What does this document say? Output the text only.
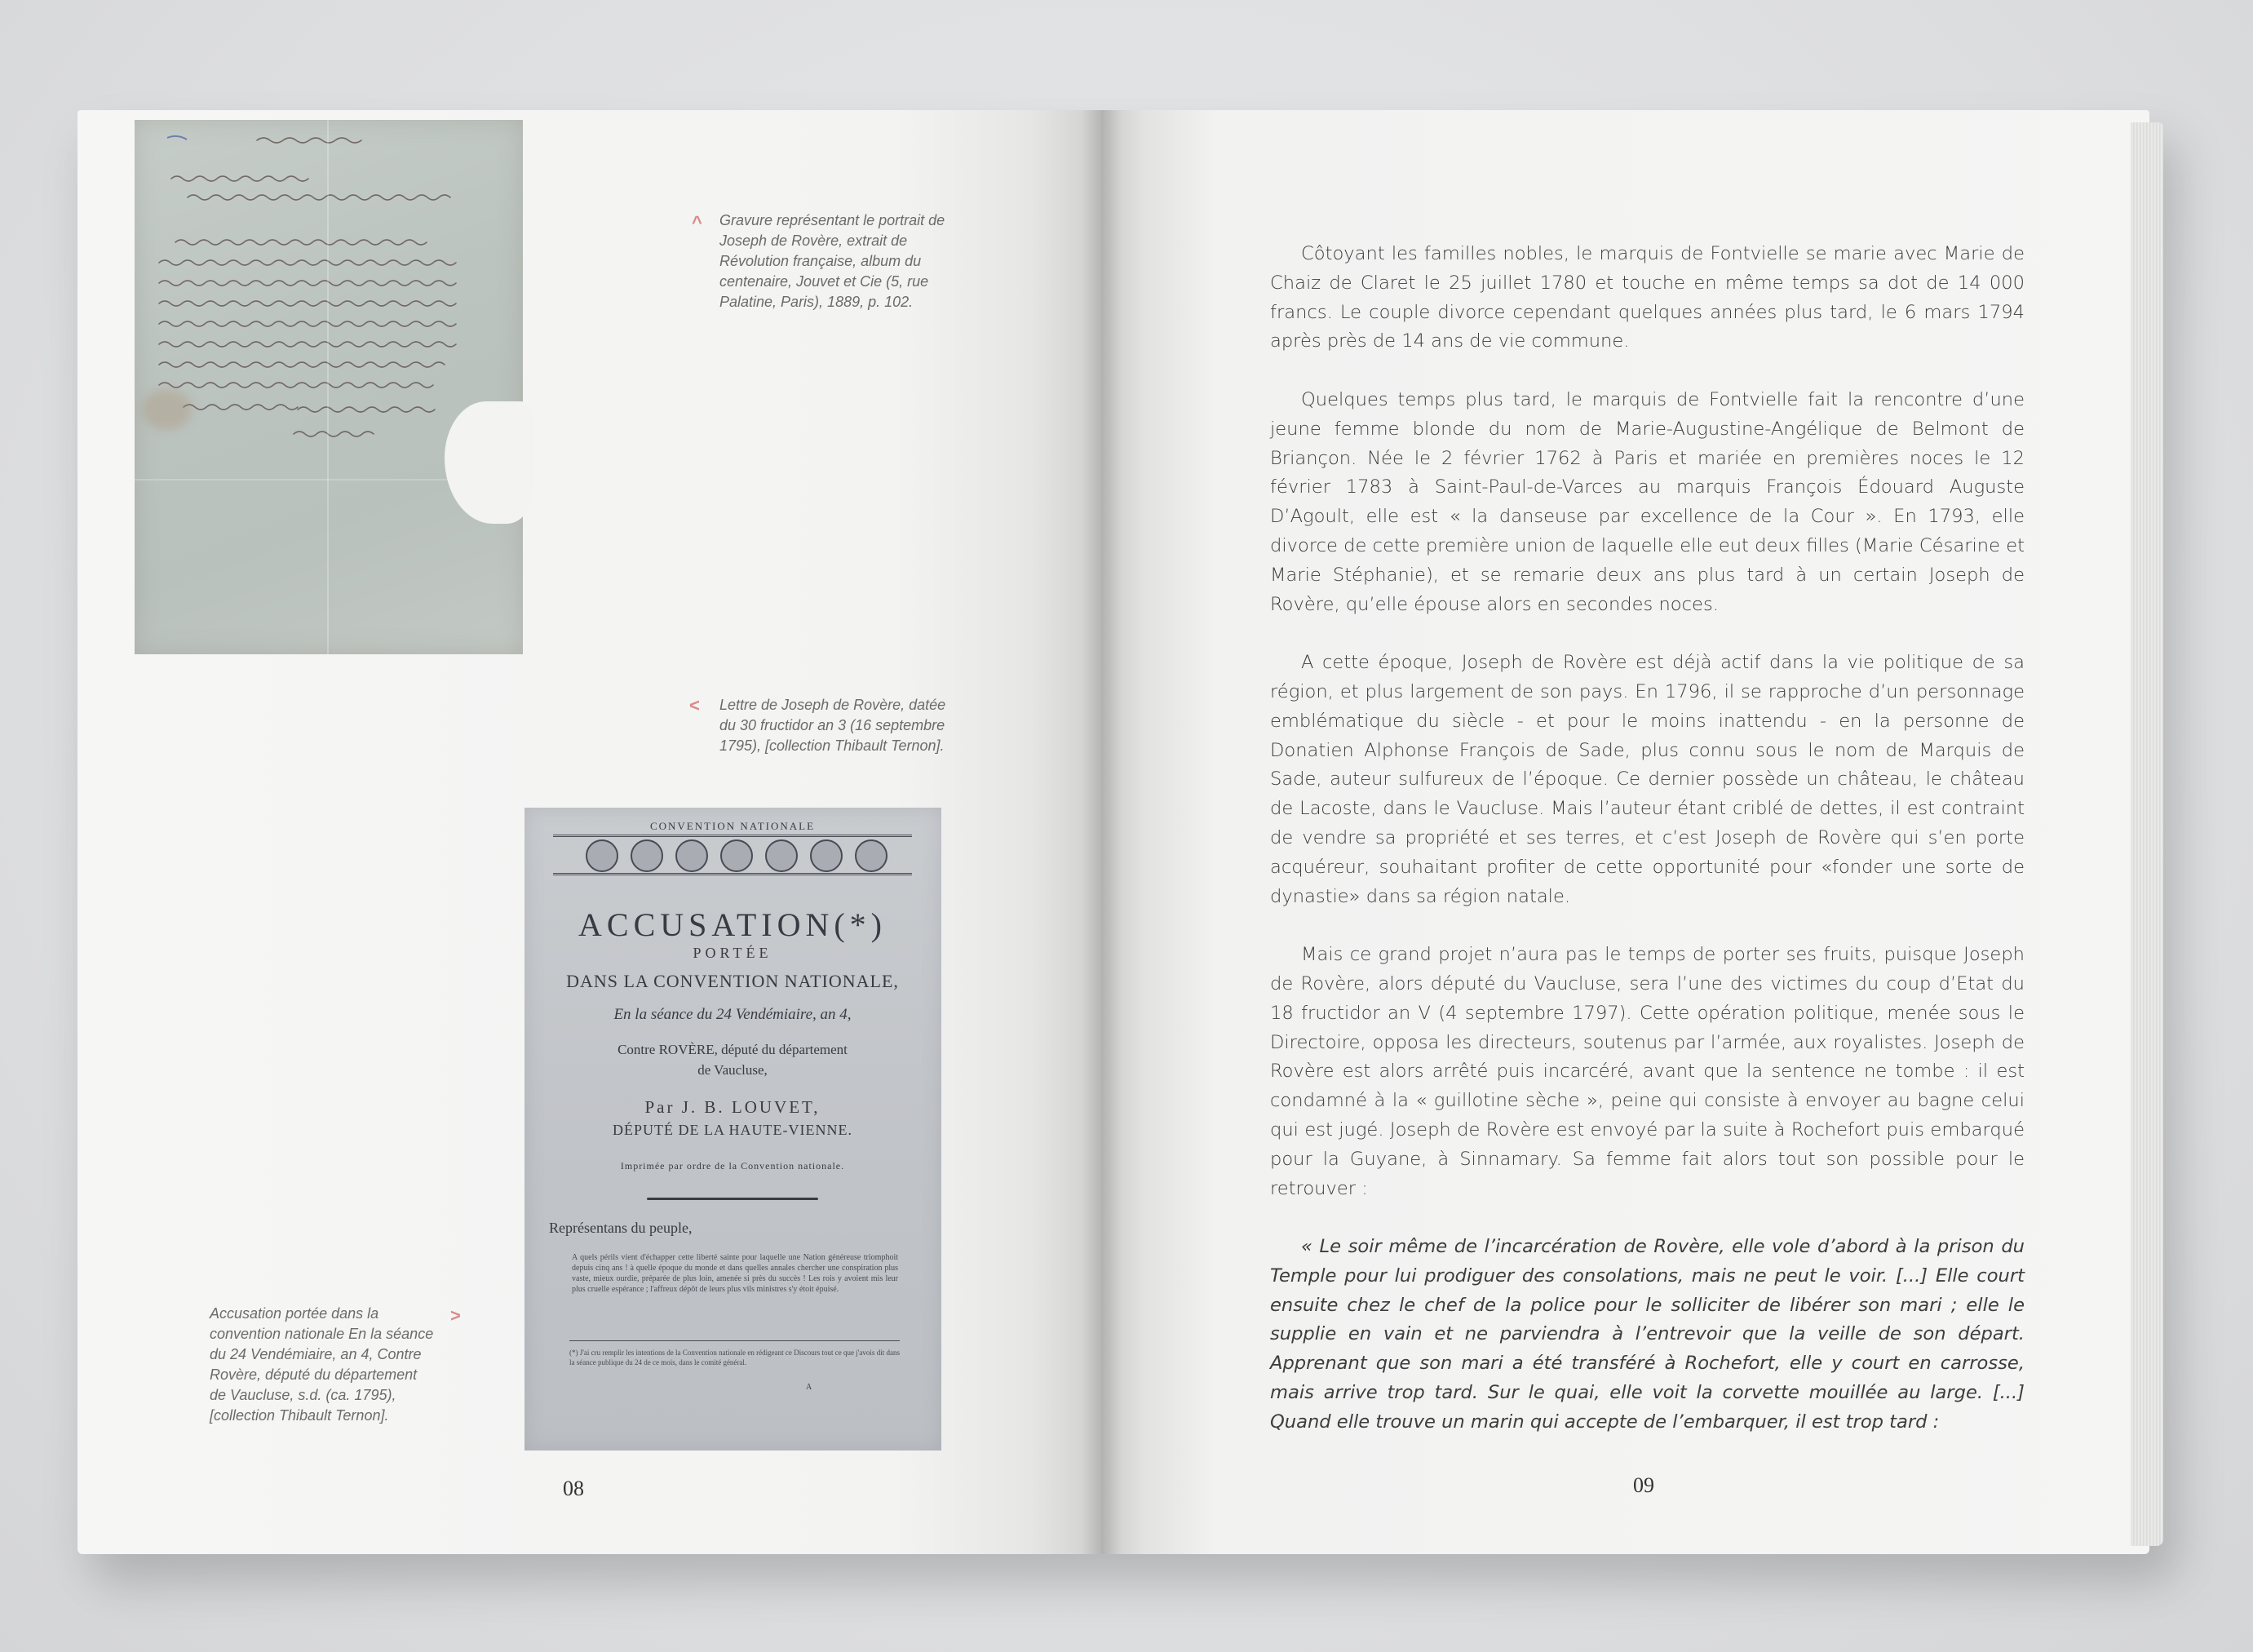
^ Gravure représentant le portrait de Joseph de Rovère, extrait de Révolution française, album du centenaire, Jouvet et Cie (5, rue Palatine, Paris), 1889, p. 102.
< Lettre de Joseph de Rovère, datée du 30 fructidor an 3 (16 septembre 1795), [collection Thibault Ternon].
>
Accusation portée dans la convention nationale En la séance du 24 Vendémiaire, an 4, Contre Rovère, député du département de Vaucluse, s.d. (ca. 1795), [collection Thibault Ternon].
CONVENTION NATIONALE
ACCUSATION(*)
PORTÉE
DANS LA CONVENTION NATIONALE,
En la séance du 24 Vendémiaire, an 4,
Contre ROVÈRE, député du département
de Vaucluse,
Par J. B. LOUVET,
DÉPUTÉ DE LA HAUTE-VIENNE.
Imprimée par ordre de la Convention nationale.
Représentans du peuple,
A quels périls vient d'échapper cette liberté sainte pour laquelle une Nation généreuse triomphoit depuis cinq ans ! à quelle époque du monde et dans quelles annales chercher une conspiration plus vaste, mieux ourdie, préparée de plus loin, amenée si près du succès ! Les rois y avoient mis leur plus cruelle espérance ; l'affreux dépôt de leurs plus vils ministres s'y étoit épuisé.
(*) J'ai cru remplir les intentions de la Convention nationale en rédigeant ce Discours tout ce que j'avois dit dans la séance publique du 24 de ce mois, dans le comité général.
A
08

Côtoyant les familles nobles, le marquis de Fontvielle se marie avec Marie de Chaiz de Claret le 25 juillet 1780 et touche en même temps sa dot de 14 000 francs. Le couple divorce cependant quelques années plus tard, le 6 mars 1794 après près de 14 ans de vie commune.

Quelques temps plus tard, le marquis de Fontvielle fait la rencontre d’une jeune femme blonde du nom de Marie-Augustine-Angélique de Belmont de Briançon. Née le 2 février 1762 à Paris et mariée en premières noces le 12 février 1783 à Saint-Paul-de-Varces au marquis François Édouard Auguste D’Agoult, elle est « la danseuse par excellence de la Cour ». En 1793, elle divorce de cette première union de laquelle elle eut deux filles (Marie Césarine et Marie Stéphanie), et se remarie deux ans plus tard à un certain Joseph de Rovère, qu’elle épouse alors en secondes noces.

A cette époque, Joseph de Rovère est déjà actif dans la vie politique de sa région, et plus largement de son pays. En 1796, il se rapproche d’un personnage emblématique du siècle - et pour le moins inattendu - en la personne de Donatien Alphonse François de Sade, plus connu sous le nom de Marquis de Sade, auteur sulfureux de l’époque. Ce dernier possède un château, le château de Lacoste, dans le Vaucluse. Mais l’auteur étant criblé de dettes, il est contraint de vendre sa propriété et ses terres, et c’est Joseph de Rovère qui s’en porte acquéreur, souhaitant profiter de cette opportunité pour «fonder une sorte de dynastie» dans sa région natale.

Mais ce grand projet n’aura pas le temps de porter ses fruits, puisque Joseph de Rovère, alors député du Vaucluse, sera l’une des victimes du coup d’Etat du 18 fructidor an V (4 septembre 1797). Cette opération politique, menée sous le Directoire, opposa les directeurs, soutenus par l’armée, aux royalistes. Joseph de Rovère est alors arrêté puis incarcéré, avant que la sentence ne tombe : il est condamné à la « guillotine sèche », peine qui consiste à envoyer au bagne celui qui est jugé. Joseph de Rovère est envoyé par la suite à Rochefort puis embarqué pour la Guyane, à Sinnamary. Sa femme fait alors tout son possible pour le retrouver :

« Le soir même de l’incarcération de Rovère, elle vole d’abord à la prison du Temple pour lui prodiguer des consolations, mais ne peut le voir. [...] Elle court ensuite chez le chef de la police pour le solliciter de libérer son mari ; elle le supplie en vain et ne parviendra à l’entrevoir que la veille de son départ. Apprenant que son mari a été transféré à Rochefort, elle y court en carrosse, mais arrive trop tard. Sur le quai, elle voit la corvette mouillée au large. [...] Quand elle trouve un marin qui accepte de l’embarquer, il est trop tard :

09
